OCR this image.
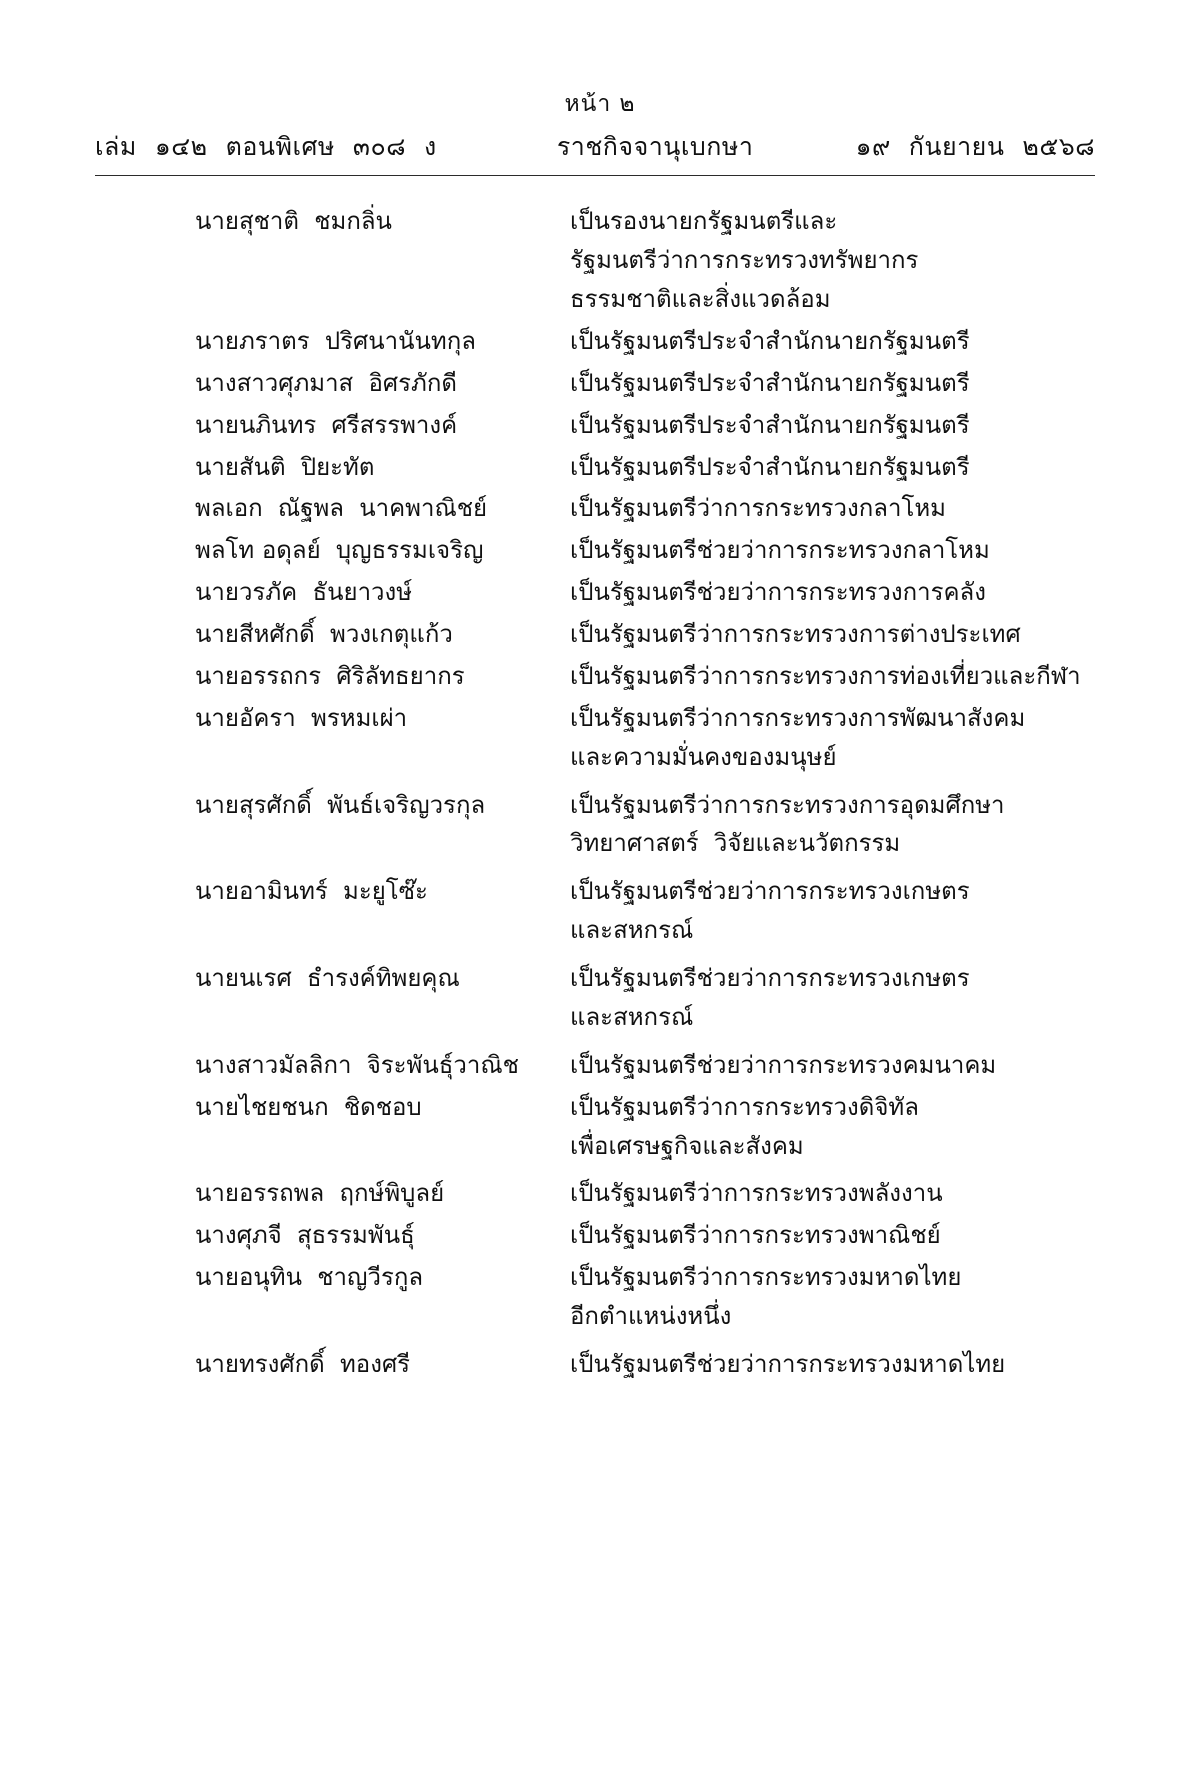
หน้า ๒
เล่ม ๑๔๒ ตอนพิเศษ ๓๐๘ ง	ราชกิจจานุเบกษา	๑๙ กันยายน ๒๕๖๘
นายสุชาติ  ชมกลิ่น	เป็นรองนายกรัฐมนตรีและ
รัฐมนตรีว่าการกระทรวงทรัพยากร
ธรรมชาติและสิ่งแวดล้อม
นายภราตร  ปริศนานันทกุล	เป็นรัฐมนตรีประจำสำนักนายกรัฐมนตรี
นางสาวศุภมาส  อิศรภักดี	เป็นรัฐมนตรีประจำสำนักนายกรัฐมนตรี
นายนภินทร  ศรีสรรพางค์	เป็นรัฐมนตรีประจำสำนักนายกรัฐมนตรี
นายสันติ  ปิยะทัต	เป็นรัฐมนตรีประจำสำนักนายกรัฐมนตรี
พลเอก  ณัฐพล  นาคพาณิชย์	เป็นรัฐมนตรีว่าการกระทรวงกลาโหม
พลโท อดุลย์  บุญธรรมเจริญ	เป็นรัฐมนตรีช่วยว่าการกระทรวงกลาโหม
นายวรภัค  ธันยาวงษ์	เป็นรัฐมนตรีช่วยว่าการกระทรวงการคลัง
นายสีหศักดิ์  พวงเกตุแก้ว	เป็นรัฐมนตรีว่าการกระทรวงการต่างประเทศ
นายอรรถกร  ศิริลัทธยากร	เป็นรัฐมนตรีว่าการกระทรวงการท่องเที่ยวและกีฬา
นายอัครา  พรหมเผ่า	เป็นรัฐมนตรีว่าการกระทรวงการพัฒนาสังคม
และความมั่นคงของมนุษย์
นายสุรศักดิ์  พันธ์เจริญวรกุล	เป็นรัฐมนตรีว่าการกระทรวงการอุดมศึกษา
วิทยาศาสตร์  วิจัยและนวัตกรรม
นายอามินทร์  มะยูโซ๊ะ	เป็นรัฐมนตรีช่วยว่าการกระทรวงเกษตร
และสหกรณ์
นายนเรศ  ธำรงค์ทิพยคุณ	เป็นรัฐมนตรีช่วยว่าการกระทรวงเกษตร
และสหกรณ์
นางสาวมัลลิกา  จิระพันธุ์วาณิช	เป็นรัฐมนตรีช่วยว่าการกระทรวงคมนาคม
นายไชยชนก  ชิดชอบ	เป็นรัฐมนตรีว่าการกระทรวงดิจิทัล
เพื่อเศรษฐกิจและสังคม
นายอรรถพล  ฤกษ์พิบูลย์	เป็นรัฐมนตรีว่าการกระทรวงพลังงาน
นางศุภจี  สุธรรมพันธุ์	เป็นรัฐมนตรีว่าการกระทรวงพาณิชย์
นายอนุทิน  ชาญวีรกูล	เป็นรัฐมนตรีว่าการกระทรวงมหาดไทย
อีกตำแหน่งหนึ่ง
นายทรงศักดิ์  ทองศรี	เป็นรัฐมนตรีช่วยว่าการกระทรวงมหาดไทย
